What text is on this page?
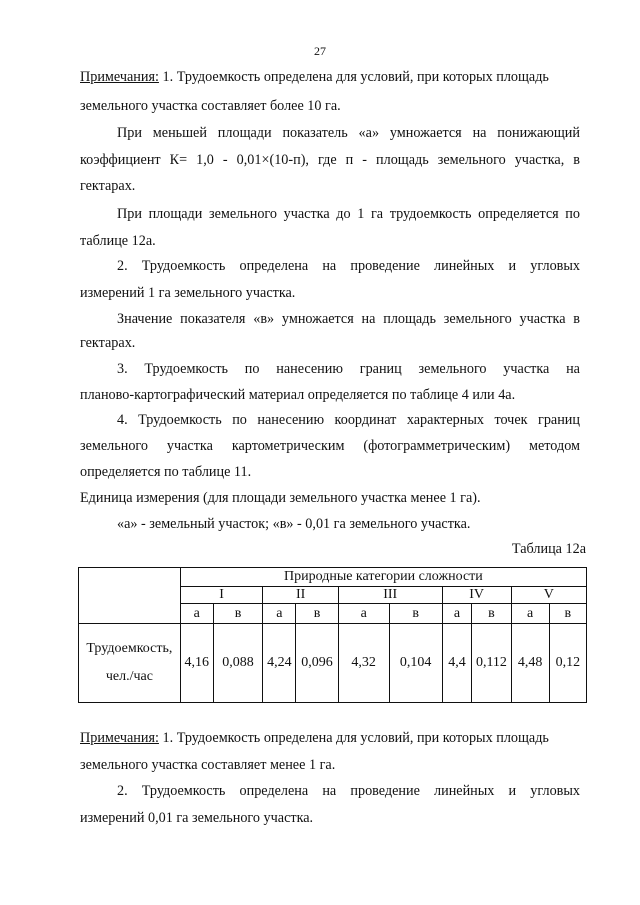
27
Примечания: 1. Трудоемкость определена для условий, при которых площадь
земельного участка составляет более 10 га.
При меньшей площади показатель «а» умножается на понижающий
коэффициент К= 1,0 - 0,01×(10-п), где п - площадь земельного участка, в
гектарах.
При площади земельного участка до 1 га трудоемкость определяется по
таблице 12а.
2. Трудоемкость определена на проведение линейных и угловых
измерений 1 га земельного участка.
Значение показателя «в» умножается на площадь земельного участка в
гектарах.
3. Трудоемкость по нанесению границ земельного участка на
планово-картографический материал определяется по таблице 4 или 4а.
4. Трудоемкость по нанесению координат характерных точек границ
земельного участка картометрическим (фотограмметрическим) методом
определяется по таблице 11.
Единица измерения (для площади земельного участка менее 1 га).
«а» - земельный участок; «в» - 0,01 га земельного участка.
Таблица 12а
	Природные категории сложности									
	I		II		III		IV		V	
	а	в	а	в	а	в	а	в	а	в
Трудоемкость,
чел./час	4,16	0,088	4,24	0,096	4,32	0,104	4,4	0,112	4,48	0,12
Примечания: 1. Трудоемкость определена для условий, при которых площадь
земельного участка составляет менее 1 га.
2. Трудоемкость определена на проведение линейных и угловых
измерений 0,01 га земельного участка.
